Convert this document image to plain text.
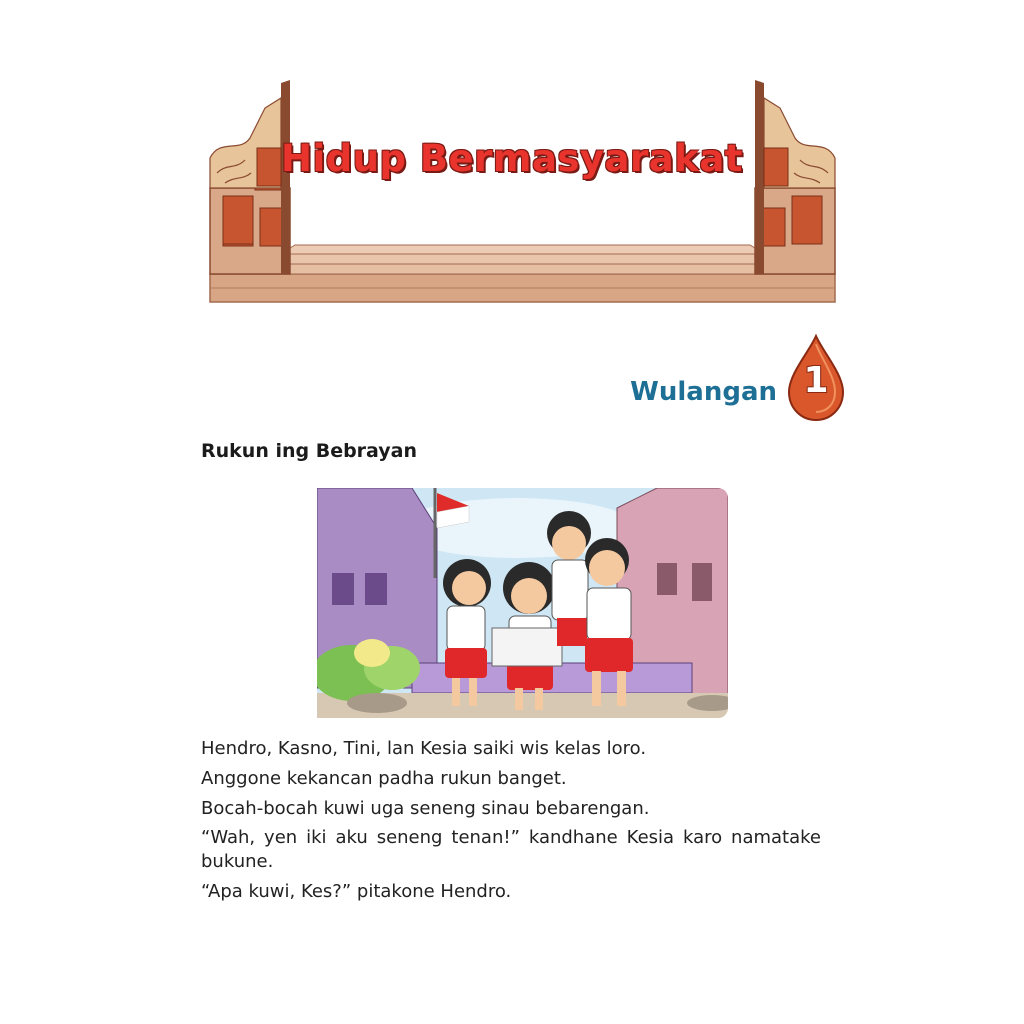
Hidup Bermasyarakat
Wulangan 1
Rukun ing Bebrayan

Hendro, Kasno, Tini, lan Kesia saiki wis kelas loro.

Anggone kekancan padha rukun banget.

Bocah-bocah kuwi uga seneng sinau bebarengan.

“Wah, yen iki aku seneng tenan!” kandhane Kesia karo namatake bukune.

“Apa kuwi, Kes?” pitakone Hendro.
